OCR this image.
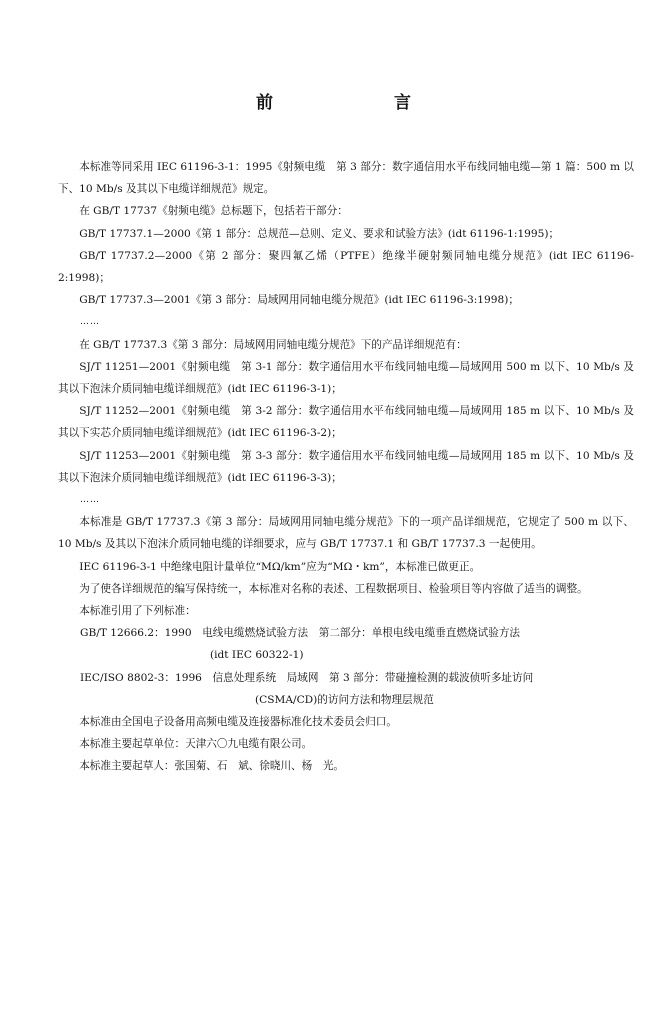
前　言

本标准等同采用 IEC 61196-3-1：1995《射频电缆　第 3 部分：数字通信用水平布线同轴电缆—第 1 篇：500 m 以下、10 Mb/s 及其以下电缆详细规范》规定。

在 GB/T 17737《射频电缆》总标题下，包括若干部分：

GB/T 17737.1—2000《第 1 部分：总规范—总则、定义、要求和试验方法》(idt 61196-1:1995)；

GB/T 17737.2—2000《第 2 部分：聚四氟乙烯（PTFE）绝缘半硬射频同轴电缆分规范》(idt IEC 61196-2:1998)；

GB/T 17737.3—2001《第 3 部分：局域网用同轴电缆分规范》(idt IEC 61196-3:1998)；

……

在 GB/T 17737.3《第 3 部分：局域网用同轴电缆分规范》下的产品详细规范有：

SJ/T 11251—2001《射频电缆　第 3-1 部分：数字通信用水平布线同轴电缆—局域网用 500 m 以下、10 Mb/s 及其以下泡沫介质同轴电缆详细规范》(idt IEC 61196-3-1)；

SJ/T 11252—2001《射频电缆　第 3-2 部分：数字通信用水平布线同轴电缆—局域网用 185 m 以下、10 Mb/s 及其以下实芯介质同轴电缆详细规范》(idt IEC 61196-3-2)；

SJ/T 11253—2001《射频电缆　第 3-3 部分：数字通信用水平布线同轴电缆—局域网用 185 m 以下、10 Mb/s 及其以下泡沫介质同轴电缆详细规范》(idt IEC 61196-3-3)；

……

本标准是 GB/T 17737.3《第 3 部分：局域网用同轴电缆分规范》下的一项产品详细规范，它规定了 500 m 以下、10 Mb/s 及其以下泡沫介质同轴电缆的详细要求，应与 GB/T 17737.1 和 GB/T 17737.3 一起使用。

IEC 61196-3-1 中绝缘电阻计量单位“MΩ/km”应为“MΩ・km”，本标准已做更正。

为了使各详细规范的编写保持统一，本标准对名称的表述、工程数据项目、检验项目等内容做了适当的调整。

本标准引用了下列标准：

GB/T 12666.2：1990　电线电缆燃烧试验方法　第二部分：单根电线电缆垂直燃烧试验方法
(idt IEC 60322-1)
IEC/ISO 8802-3：1996　信息处理系统　局域网　第 3 部分：带碰撞检测的载波侦听多址访问
(CSMA/CD)的访问方法和物理层规范

本标准由全国电子设备用高频电缆及连接器标准化技术委员会归口。

本标准主要起草单位：天津六〇九电缆有限公司。

本标准主要起草人：张国菊、石　斌、徐晓川、杨　光。
